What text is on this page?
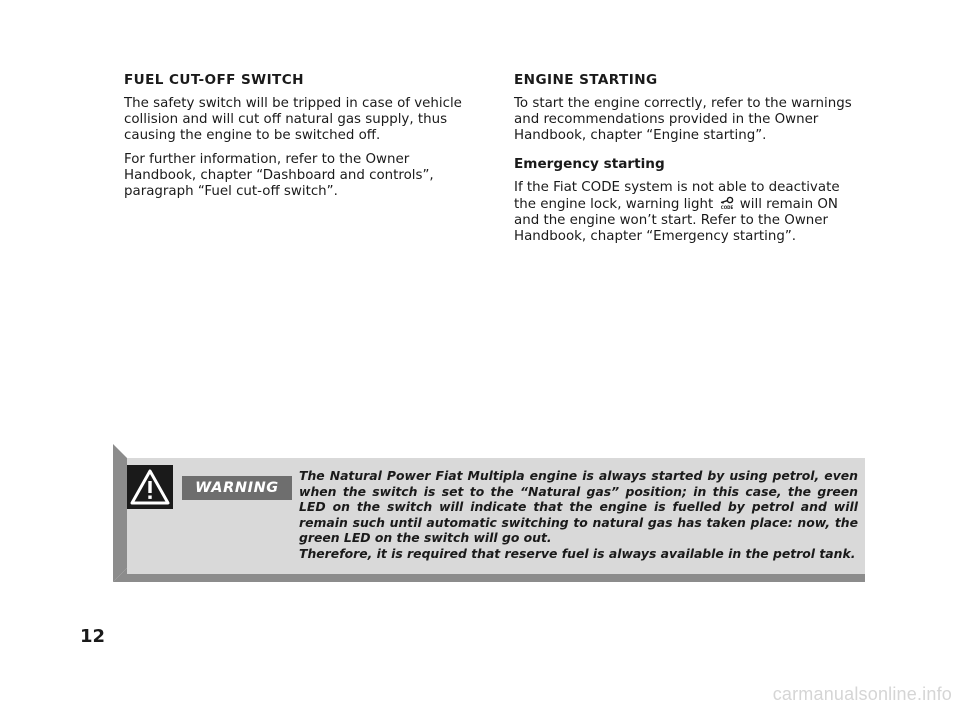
FUEL CUT-OFF SWITCH

The safety switch will be tripped in case of vehicle collision and will cut off natural gas supply, thus causing the engine to be switched off.

For further information, refer to the Owner Handbook, chapter “Dashboard and controls”, paragraph “Fuel cut-off switch”.

ENGINE STARTING

To start the engine correctly, refer to the warnings and recommendations provided in the Owner Handbook, chapter “Engine starting”.

Emergency starting

If the Fiat CODE system is not able to deactivate the engine lock, warning light CODE will remain ON and the engine won’t start. Refer to the Owner Handbook, chapter “Emergency starting”.

WARNING
The Natural Power Fiat Multipla engine is always started by using petrol, even when the switch is set to the “Natural gas” position; in this case, the green LED on the switch will indicate that the engine is fuelled by petrol and will remain such until automatic switching to natural gas has taken place: now, the green LED on the switch will go out.
Therefore, it is required that reserve fuel is always available in the petrol tank.
12
carmanualsonline.info
